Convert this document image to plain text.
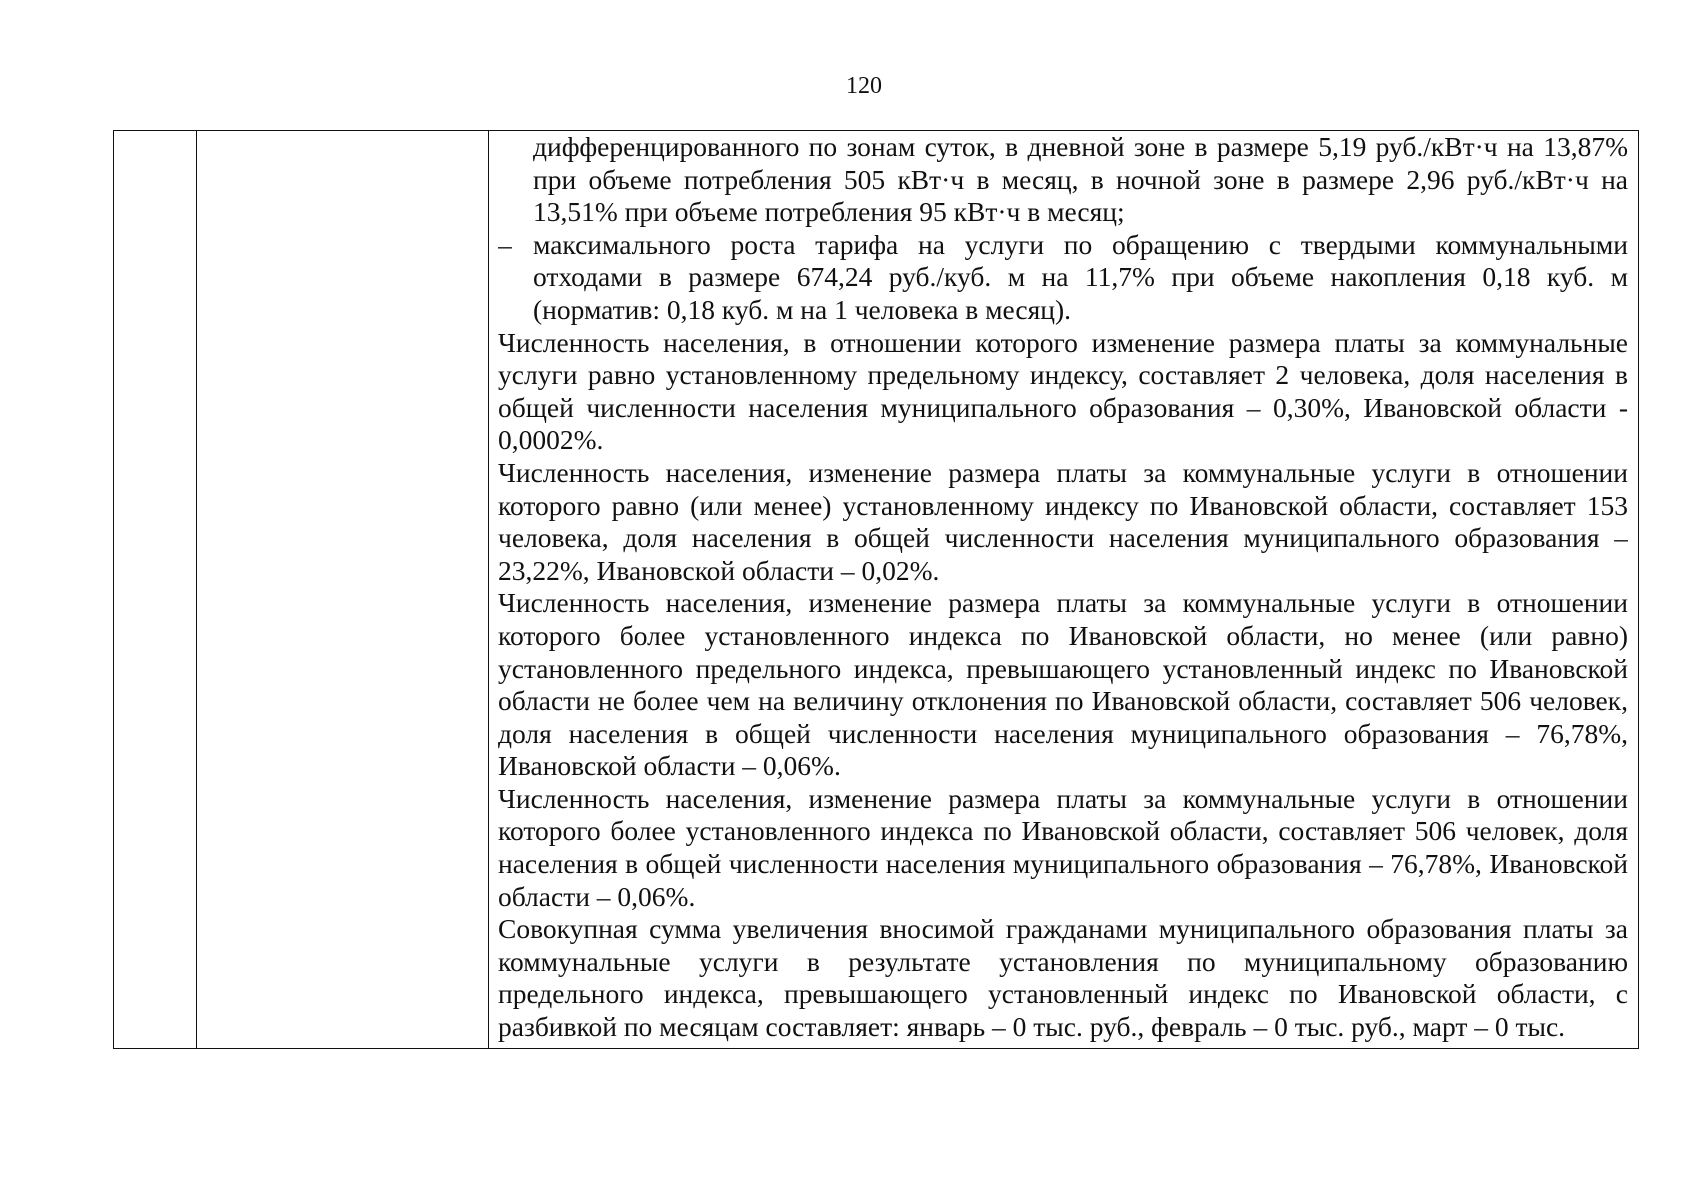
120

дифференцированного по зонам суток, в дневной зоне в размере 5,19 руб./кВт·ч на 13,87% при объеме потребления 505 кВт·ч в месяц, в ночной зоне в размере 2,96 руб./кВт·ч на 13,51% при объеме потребления 95 кВт·ч в месяц;
– максимального роста тарифа на услуги по обращению с твердыми коммунальными отходами в размере 674,24 руб./куб. м на 11,7% при объеме накопления 0,18 куб. м (норматив: 0,18 куб. м на 1 человека в месяц).

Численность населения, в отношении которого изменение размера платы за коммунальные услуги равно установленному предельному индексу, составляет 2 человека, доля населения в общей численности населения муниципального образования – 0,30%, Ивановской области - 0,0002%.

Численность населения, изменение размера платы за коммунальные услуги в отношении которого равно (или менее) установленному индексу по Ивановской области, составляет 153 человека, доля населения в общей численности населения муниципального образования – 23,22%, Ивановской области – 0,02%.

Численность населения, изменение размера платы за коммунальные услуги в отношении которого более установленного индекса по Ивановской области, но менее (или равно) установленного предельного индекса, превышающего установленный индекс по Ивановской области не более чем на величину отклонения по Ивановской области, составляет 506 человек, доля населения в общей численности населения муниципального образования – 76,78%, Ивановской области – 0,06%.

Численность населения, изменение размера платы за коммунальные услуги в отношении которого более установленного индекса по Ивановской области, составляет 506 человек, доля населения в общей численности населения муниципального образования – 76,78%, Ивановской области – 0,06%.

Совокупная сумма увеличения вносимой гражданами муниципального образования платы за коммунальные услуги в результате установления по муниципальному образованию предельного индекса, превышающего установленный индекс по Ивановской области, с разбивкой по месяцам составляет: январь – 0 тыс. руб., февраль – 0 тыс. руб., март – 0 тыс.
